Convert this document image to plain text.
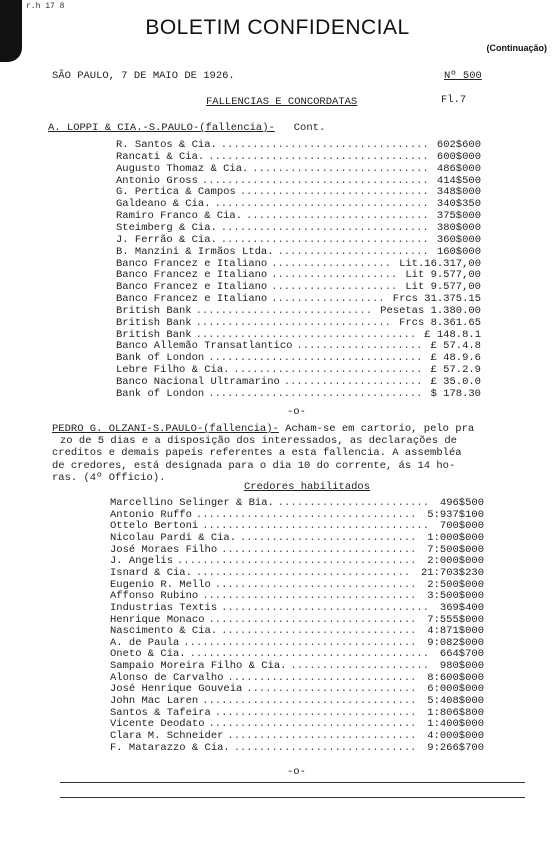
r.h 17 8
BOLETIM CONFIDENCIAL
(Continuação)
SÃO PAULO, 7 DE MAIO DE 1926.	Nº 500
FALLENCIAS E CONCORDATAS	Fl.7
A. LOPPI & CIA.-S.PAULO-(fallencia)- Cont.
R. Santos & Cia. ................................. 602$600
Rancati & Cia. ................................... 600$000
Augusto Thomaz & Cia. ............................ 486$000
Antonio Gross .................................... 414$500
G. Pertica & Campos .............................. 348$000
Galdeano & Cia. .................................. 340$350
Ramiro Franco & Cia. ............................. 375$000
Steimberg & Cia. ................................. 380$000
J. Ferrão & Cia. ................................. 360$000
B. Manzini & Irmãos Ltda. ........................ 160$000
Banco Francez e Italiano ................... Lit.16.317,00
Banco Francez e Italiano .................... Lit 9.577,00
Banco Francez e Italiano .................... Lit 9.577,00
Banco Francez e Italiano .................. Frcs 31.375.15
British Bank ............................ Pesetas 1.380.00
British Bank ............................... Frcs 8.361.65
British Bank ................................... £ 148.8.1
Banco Allemão Transatlantico .................... £ 57.4.8
Bank of London .................................. £ 48.9.6
Lebre Filho & Cia. .............................. £ 57.2.9
Banco Nacional Ultramarino ...................... £ 35.0.0
Bank of London .................................. $ 178.30
-o-
PEDRO G. OLZANI-S.PAULO-(fallencia)- Acham-se em cartorio, pelo pra
zo de 5 dias e a disposição dos interessados, as declarações de
creditos e demais papeis referentes a esta fallencia. A assembléa
de credores, está designada para o dia 10 do corrente, ás 14 ho-
ras. (4º Officio).
Credores habilitados
Marcellino Selinger & Bia. ........................ 496$500
Antonio Ruffo ................................... 5:937$100
Ottelo Bertoni .................................... 700$000
Nicolau Pardi & Cia. ............................ 1:000$000
José Moraes Filho ............................... 7:500$000
J. Angelis ...................................... 2:000$000
Isnard & Cia. .................................. 21:703$230
Eugenio R. Mello ................................ 2:500$000
Affonso Rubino .................................. 3:500$000
Industrias Textis ................................. 369$400
Henrique Monaco ................................. 7:555$000
Nascimento & Cia. ............................... 4:871$000
A. de Paula ..................................... 9:082$000
Oneto & Cia. ...................................... 664$700
Sampaio Moreira Filho & Cia. ...................... 980$000
Alonso de Carvalho .............................. 8:600$000
José Henrique Gouveia ........................... 6:000$000
John Mac Laren .................................. 5:408$000
Santos & Tafeira ................................ 1:806$800
Vicente Deodato ................................. 1:400$000
Clara M. Schneider .............................. 4:000$000
F. Matarazzo & Cia. ............................. 9:266$700
-o-
